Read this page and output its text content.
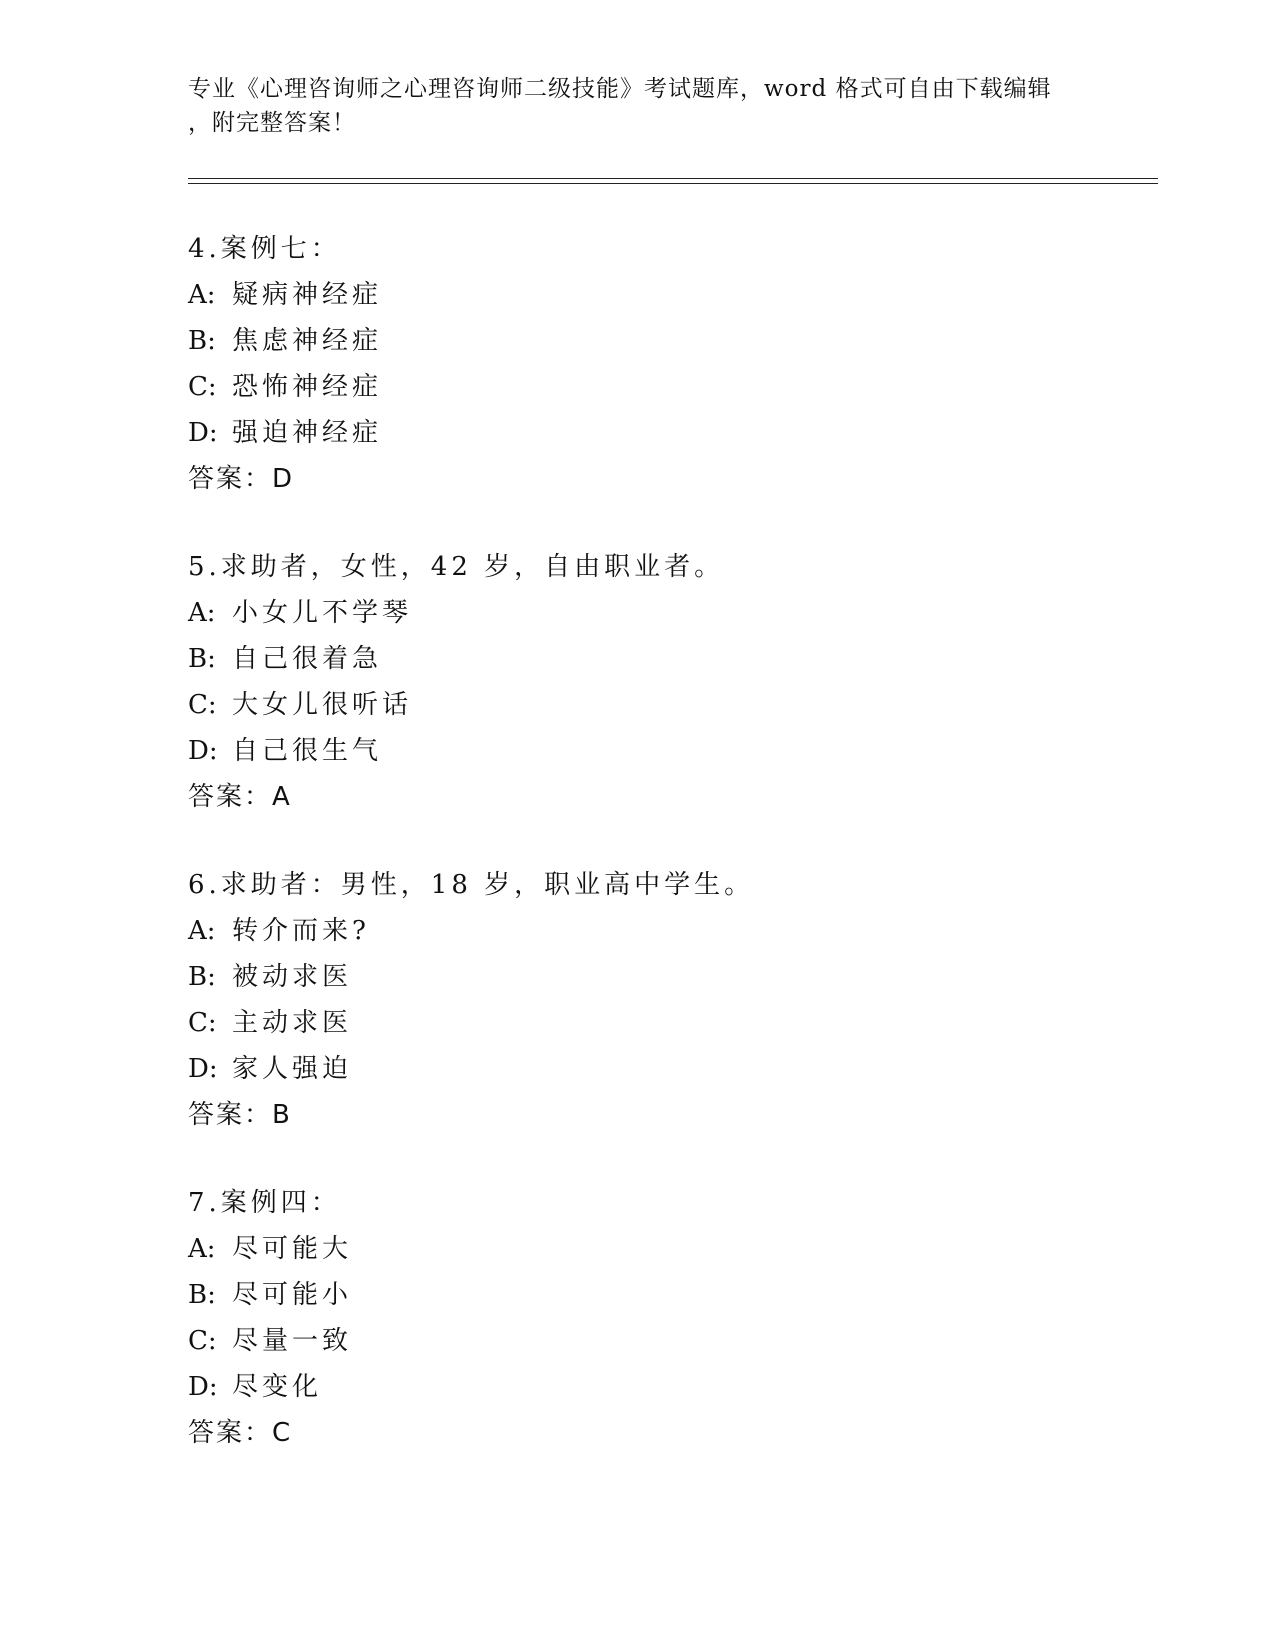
专业《心理咨询师之心理咨询师二级技能》考试题库，word 格式可自由下载编辑
，附完整答案！
4.案例七：
A: 疑病神经症
B: 焦虑神经症
C: 恐怖神经症
D: 强迫神经症
答案：D
5.求助者，女性，42 岁，自由职业者。
A: 小女儿不学琴
B: 自己很着急
C: 大女儿很听话
D: 自己很生气
答案：A
6.求助者：男性，18 岁，职业高中学生。
A: 转介而来?
B: 被动求医
C: 主动求医
D: 家人强迫
答案：B
7.案例四：
A: 尽可能大
B: 尽可能小
C: 尽量一致
D: 尽变化
答案：C
